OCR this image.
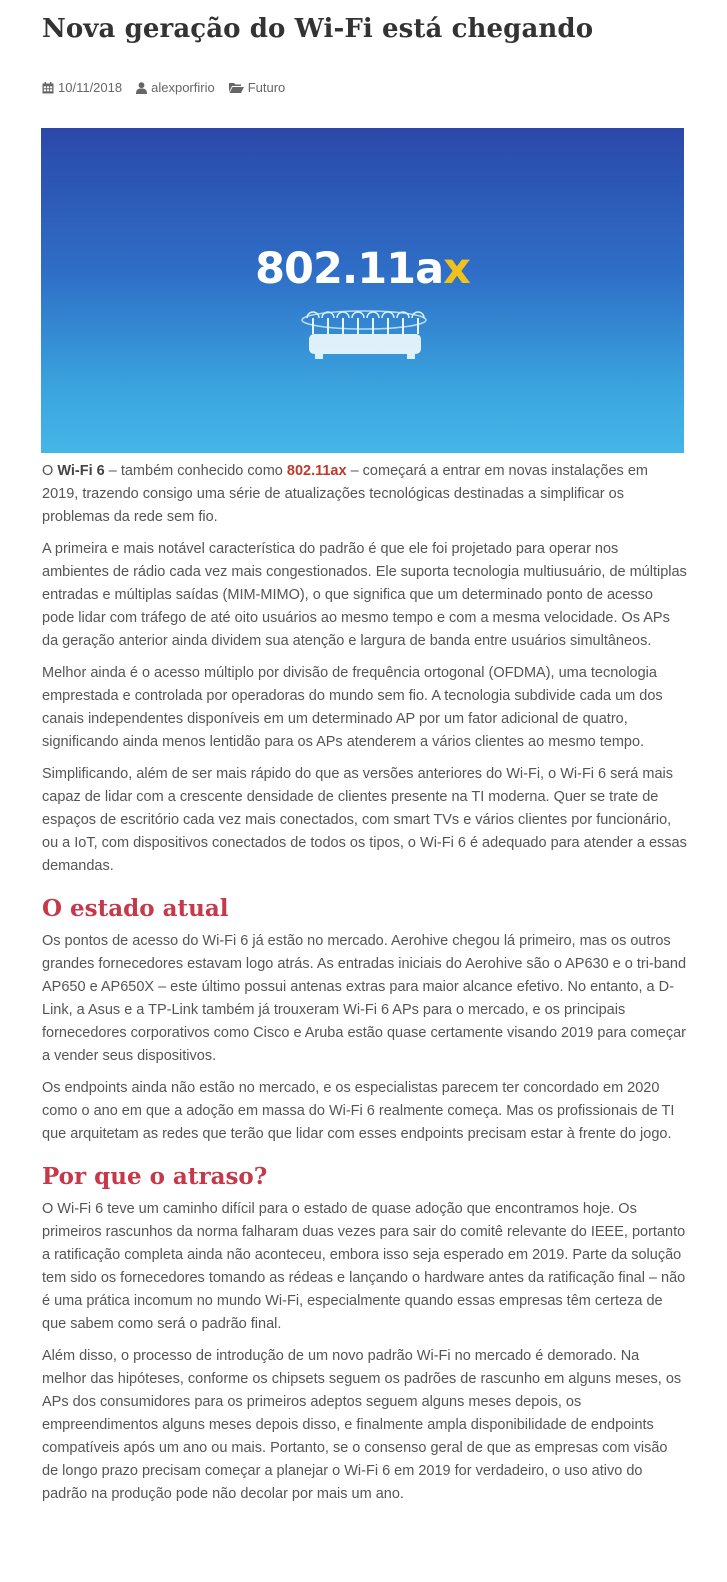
Nova geração do Wi-Fi está chegando
10/11/2018 alexporfirio	Futuro
802.11ax

O Wi-Fi 6 – também conhecido como 802.11ax – começará a entrar em novas instalações em 2019, trazendo consigo uma série de atualizações tecnológicas destinadas a simplificar os problemas da rede sem fio.

A primeira e mais notável característica do padrão é que ele foi projetado para operar nos ambientes de rádio cada vez mais congestionados. Ele suporta tecnologia multiusuário, de múltiplas entradas e múltiplas saídas (MIM-MIMO), o que significa que um determinado ponto de acesso pode lidar com tráfego de até oito usuários ao mesmo tempo e com a mesma velocidade. Os APs da geração anterior ainda dividem sua atenção e largura de banda entre usuários simultâneos.

Melhor ainda é o acesso múltiplo por divisão de frequência ortogonal (OFDMA), uma tecnologia emprestada e controlada por operadoras do mundo sem fio. A tecnologia subdivide cada um dos canais independentes disponíveis em um determinado AP por um fator adicional de quatro, significando ainda menos lentidão para os APs atenderem a vários clientes ao mesmo tempo.

Simplificando, além de ser mais rápido do que as versões anteriores do Wi-Fi, o Wi-Fi 6 será mais capaz de lidar com a crescente densidade de clientes presente na TI moderna. Quer se trate de espaços de escritório cada vez mais conectados, com smart TVs e vários clientes por funcionário, ou a IoT, com dispositivos conectados de todos os tipos, o Wi-Fi 6 é adequado para atender a essas demandas.

O estado atual

Os pontos de acesso do Wi-Fi 6 já estão no mercado. Aerohive chegou lá primeiro, mas os outros grandes fornecedores estavam logo atrás. As entradas iniciais do Aerohive são o AP630 e o tri-band AP650 e AP650X – este último possui antenas extras para maior alcance efetivo. No entanto, a D-Link, a Asus e a TP-Link também já trouxeram Wi-Fi 6 APs para o mercado, e os principais fornecedores corporativos como Cisco e Aruba estão quase certamente visando 2019 para começar a vender seus dispositivos.

Os endpoints ainda não estão no mercado, e os especialistas parecem ter concordado em 2020 como o ano em que a adoção em massa do Wi-Fi 6 realmente começa. Mas os profissionais de TI que arquitetam as redes que terão que lidar com esses endpoints precisam estar à frente do jogo.

Por que o atraso?

O Wi-Fi 6 teve um caminho difícil para o estado de quase adoção que encontramos hoje. Os primeiros rascunhos da norma falharam duas vezes para sair do comitê relevante do IEEE, portanto a ratificação completa ainda não aconteceu, embora isso seja esperado em 2019. Parte da solução tem sido os fornecedores tomando as rédeas e lançando o hardware antes da ratificação final – não é uma prática incomum no mundo Wi-Fi, especialmente quando essas empresas têm certeza de que sabem como será o padrão final.

Além disso, o processo de introdução de um novo padrão Wi-Fi no mercado é demorado. Na melhor das hipóteses, conforme os chipsets seguem os padrões de rascunho em alguns meses, os APs dos consumidores para os primeiros adeptos seguem alguns meses depois, os empreendimentos alguns meses depois disso, e finalmente ampla disponibilidade de endpoints compatíveis após um ano ou mais. Portanto, se o consenso geral de que as empresas com visão de longo prazo precisam começar a planejar o Wi-Fi 6 em 2019 for verdadeiro, o uso ativo do padrão na produção pode não decolar por mais um ano.
